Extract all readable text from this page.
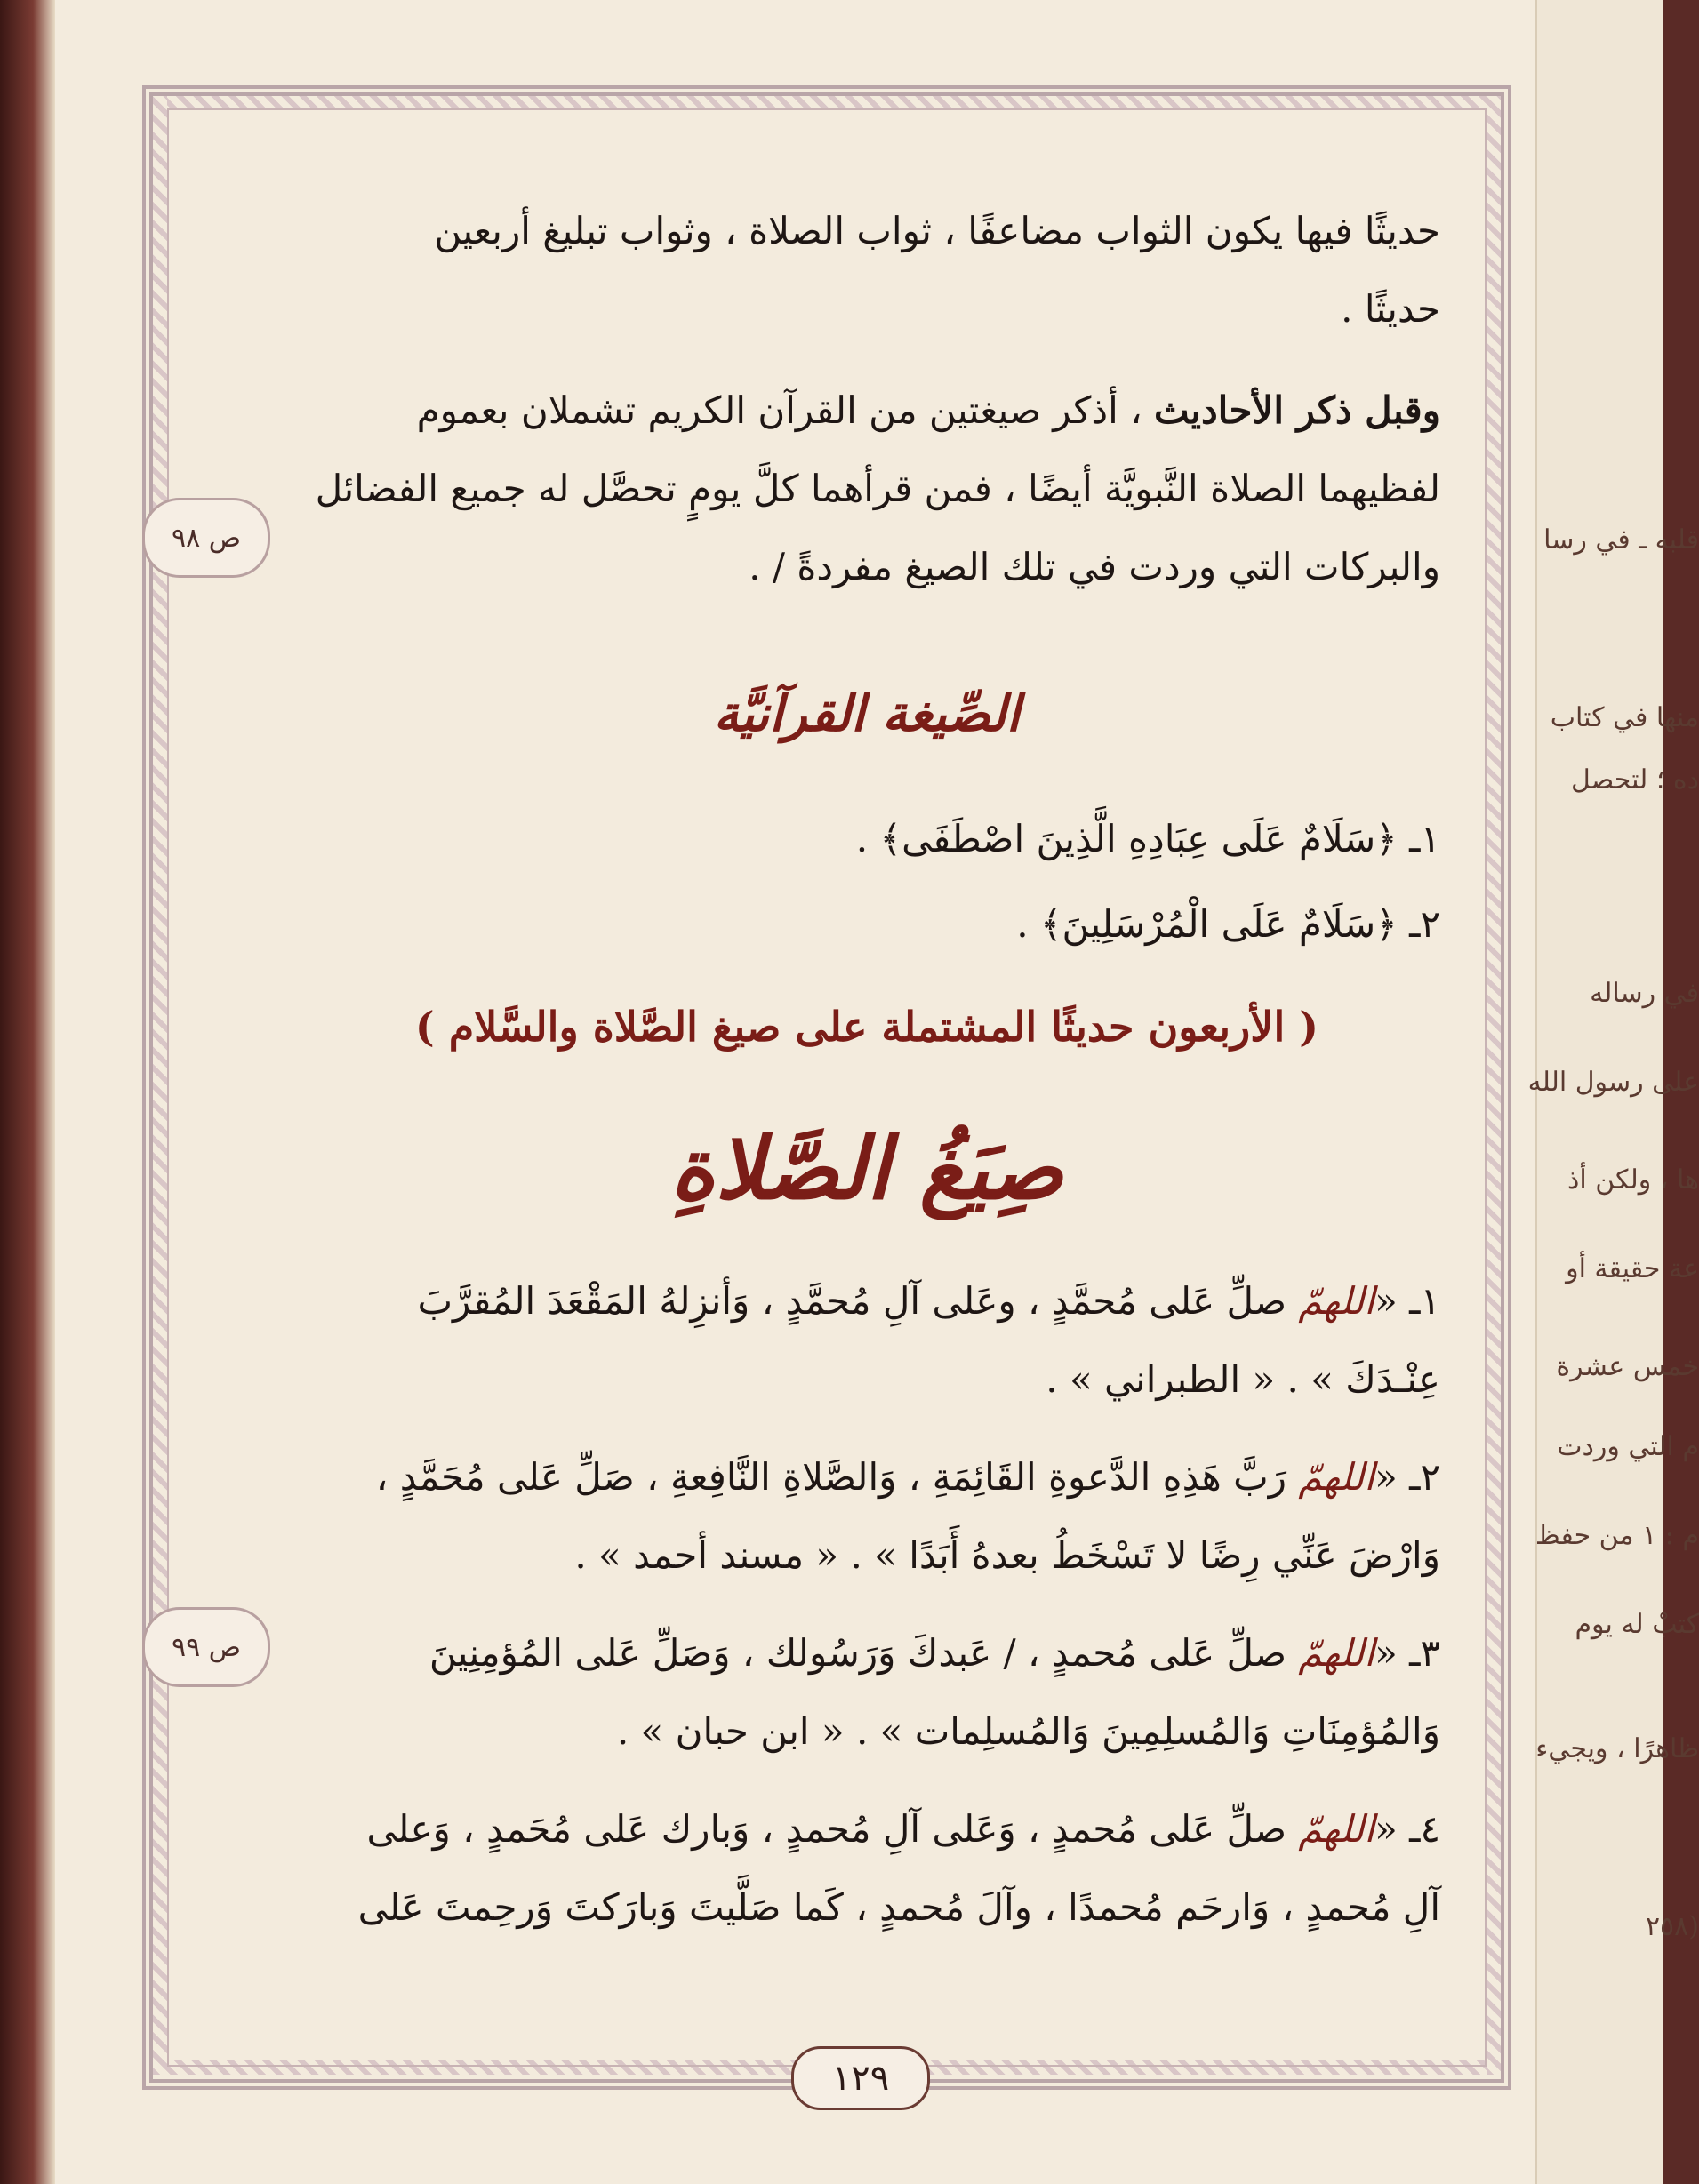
قلبه ـ في رسا
منها في كتاب
ده ؛ لتحصل
في رساله
على رسول الله
ها ، ولكن أذ
عة حقيقة أو
خمس عشرة
م التي وردت
م : ١ من حفظ
كتبْ له يوم
ظاهرًا ، ويجيء
(٢٥٨
ص ٩٨
ص ٩٩
حديثًا فيها يكون الثواب مضاعفًا ، ثواب الصلاة ، وثواب تبليغ أربعين
حديثًا .
وقبل ذكر الأحاديث ، أذكر صيغتين من القرآن الكريم تشملان بعموم
لفظيهما الصلاة النَّبويَّة أيضًا ، فمن قرأهما كلَّ يومٍ تحصَّل له جميع الفضائل
والبركات التي وردت في تلك الصيغ مفردةً / .
الصِّيغة القرآنيَّة
١ـ ﴿سَلَامٌ عَلَى عِبَادِهِ الَّذِينَ اصْطَفَى﴾ .
٢ـ ﴿سَلَامٌ عَلَى الْمُرْسَلِينَ﴾ .
( الأربعون حديثًا المشتملة على صيغ الصَّلاة والسَّلام )
صِيَغُ الصَّلاةِ
١ـ «اللهمّ صلِّ عَلى مُحمَّدٍ ، وعَلى آلِ مُحمَّدٍ ، وَأنزِلهُ المَقْعَدَ المُقرَّبَ
عِنْـدَكَ » . « الطبراني » .
٢ـ «اللهمّ رَبَّ هَذِهِ الدَّعوةِ القَائِمَةِ ، وَالصَّلاةِ النَّافِعةِ ، صَلِّ عَلى مُحَمَّدٍ ،
وَارْضَ عَنِّي رِضًا لا تَسْخَطُ بعدهُ أَبَدًا » . « مسند أحمد » .
٣ـ «اللهمّ صلِّ عَلى مُحمدٍ ، / عَبدكَ وَرَسُولك ، وَصَلِّ عَلى المُؤمِنِينَ
وَالمُؤمِنَاتِ وَالمُسلِمِينَ وَالمُسلِمات » . « ابن حبان » .
٤ـ «اللهمّ صلِّ عَلى مُحمدٍ ، وَعَلى آلِ مُحمدٍ ، وَبارك عَلى مُحَمدٍ ، وَعلى
آلِ مُحمدٍ ، وَارحَم مُحمدًا ، وآلَ مُحمدٍ ، كَما صَلَّيتَ وَبارَكتَ وَرحِمتَ عَلى
١٢٩
